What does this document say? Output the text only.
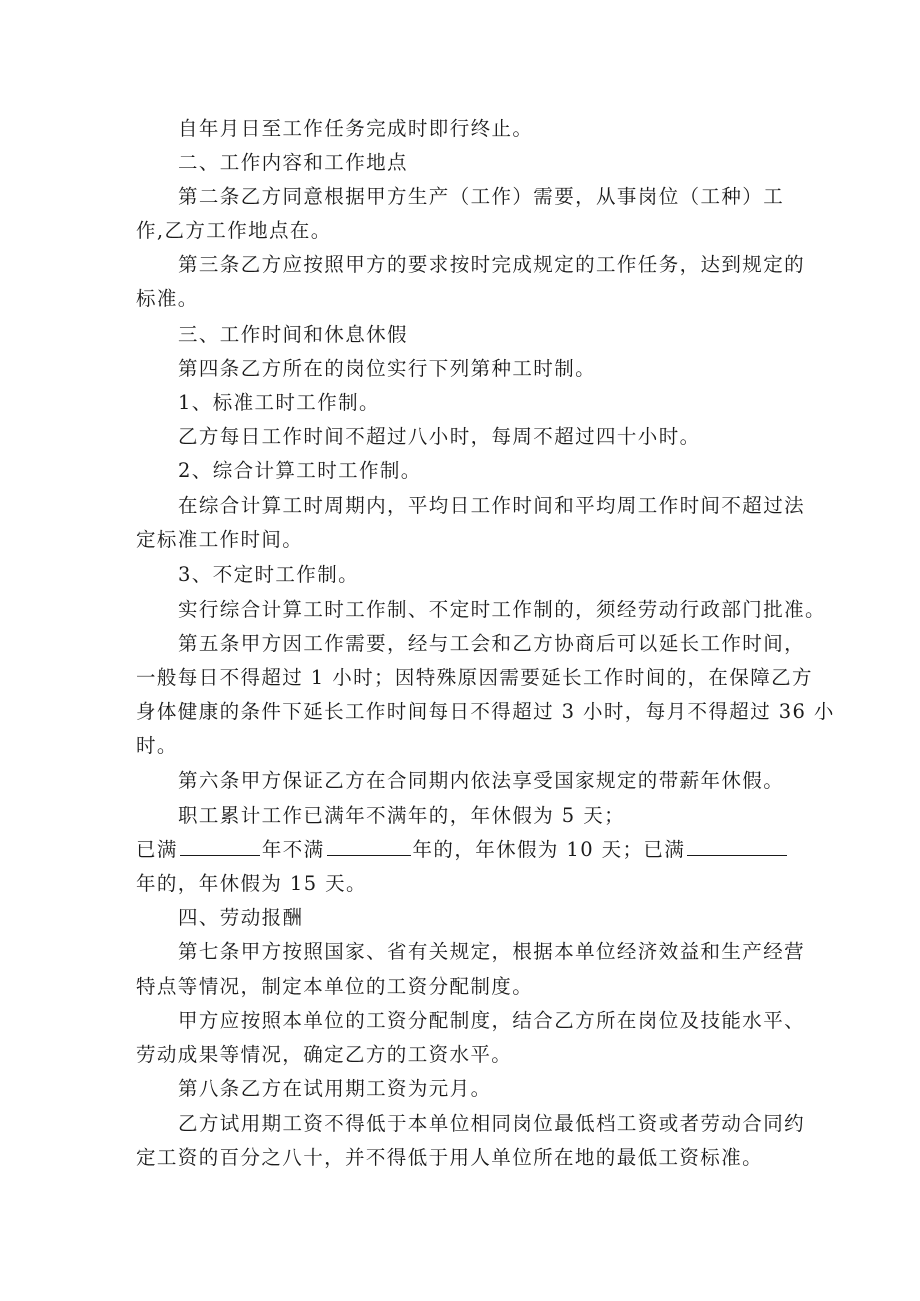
自年月日至工作任务完成时即行终止。

二、工作内容和工作地点

第二条乙方同意根据甲方生产（工作）需要，从事岗位（工种）工

作,乙方工作地点在。

第三条乙方应按照甲方的要求按时完成规定的工作任务，达到规定的

标准。

三、工作时间和休息休假

第四条乙方所在的岗位实行下列第种工时制。

1、标准工时工作制。

乙方每日工作时间不超过八小时，每周不超过四十小时。

2、综合计算工时工作制。

在综合计算工时周期内，平均日工作时间和平均周工作时间不超过法

定标准工作时间。

3、不定时工作制。

实行综合计算工时工作制、不定时工作制的，须经劳动行政部门批准。

第五条甲方因工作需要，经与工会和乙方协商后可以延长工作时间，

一般每日不得超过 1 小时；因特殊原因需要延长工作时间的，在保障乙方

身体健康的条件下延长工作时间每日不得超过 3 小时，每月不得超过 36 小

时。

第六条甲方保证乙方在合同期内依法享受国家规定的带薪年休假。

职工累计工作已满年不满年的，年休假为 5 天；

已满	年不满	年的，年休假为 10 天；已满

年的，年休假为 15 天。

四、劳动报酬

第七条甲方按照国家、省有关规定，根据本单位经济效益和生产经营

特点等情况，制定本单位的工资分配制度。

甲方应按照本单位的工资分配制度，结合乙方所在岗位及技能水平、

劳动成果等情况，确定乙方的工资水平。

第八条乙方在试用期工资为元月。

乙方试用期工资不得低于本单位相同岗位最低档工资或者劳动合同约

定工资的百分之八十，并不得低于用人单位所在地的最低工资标准。
